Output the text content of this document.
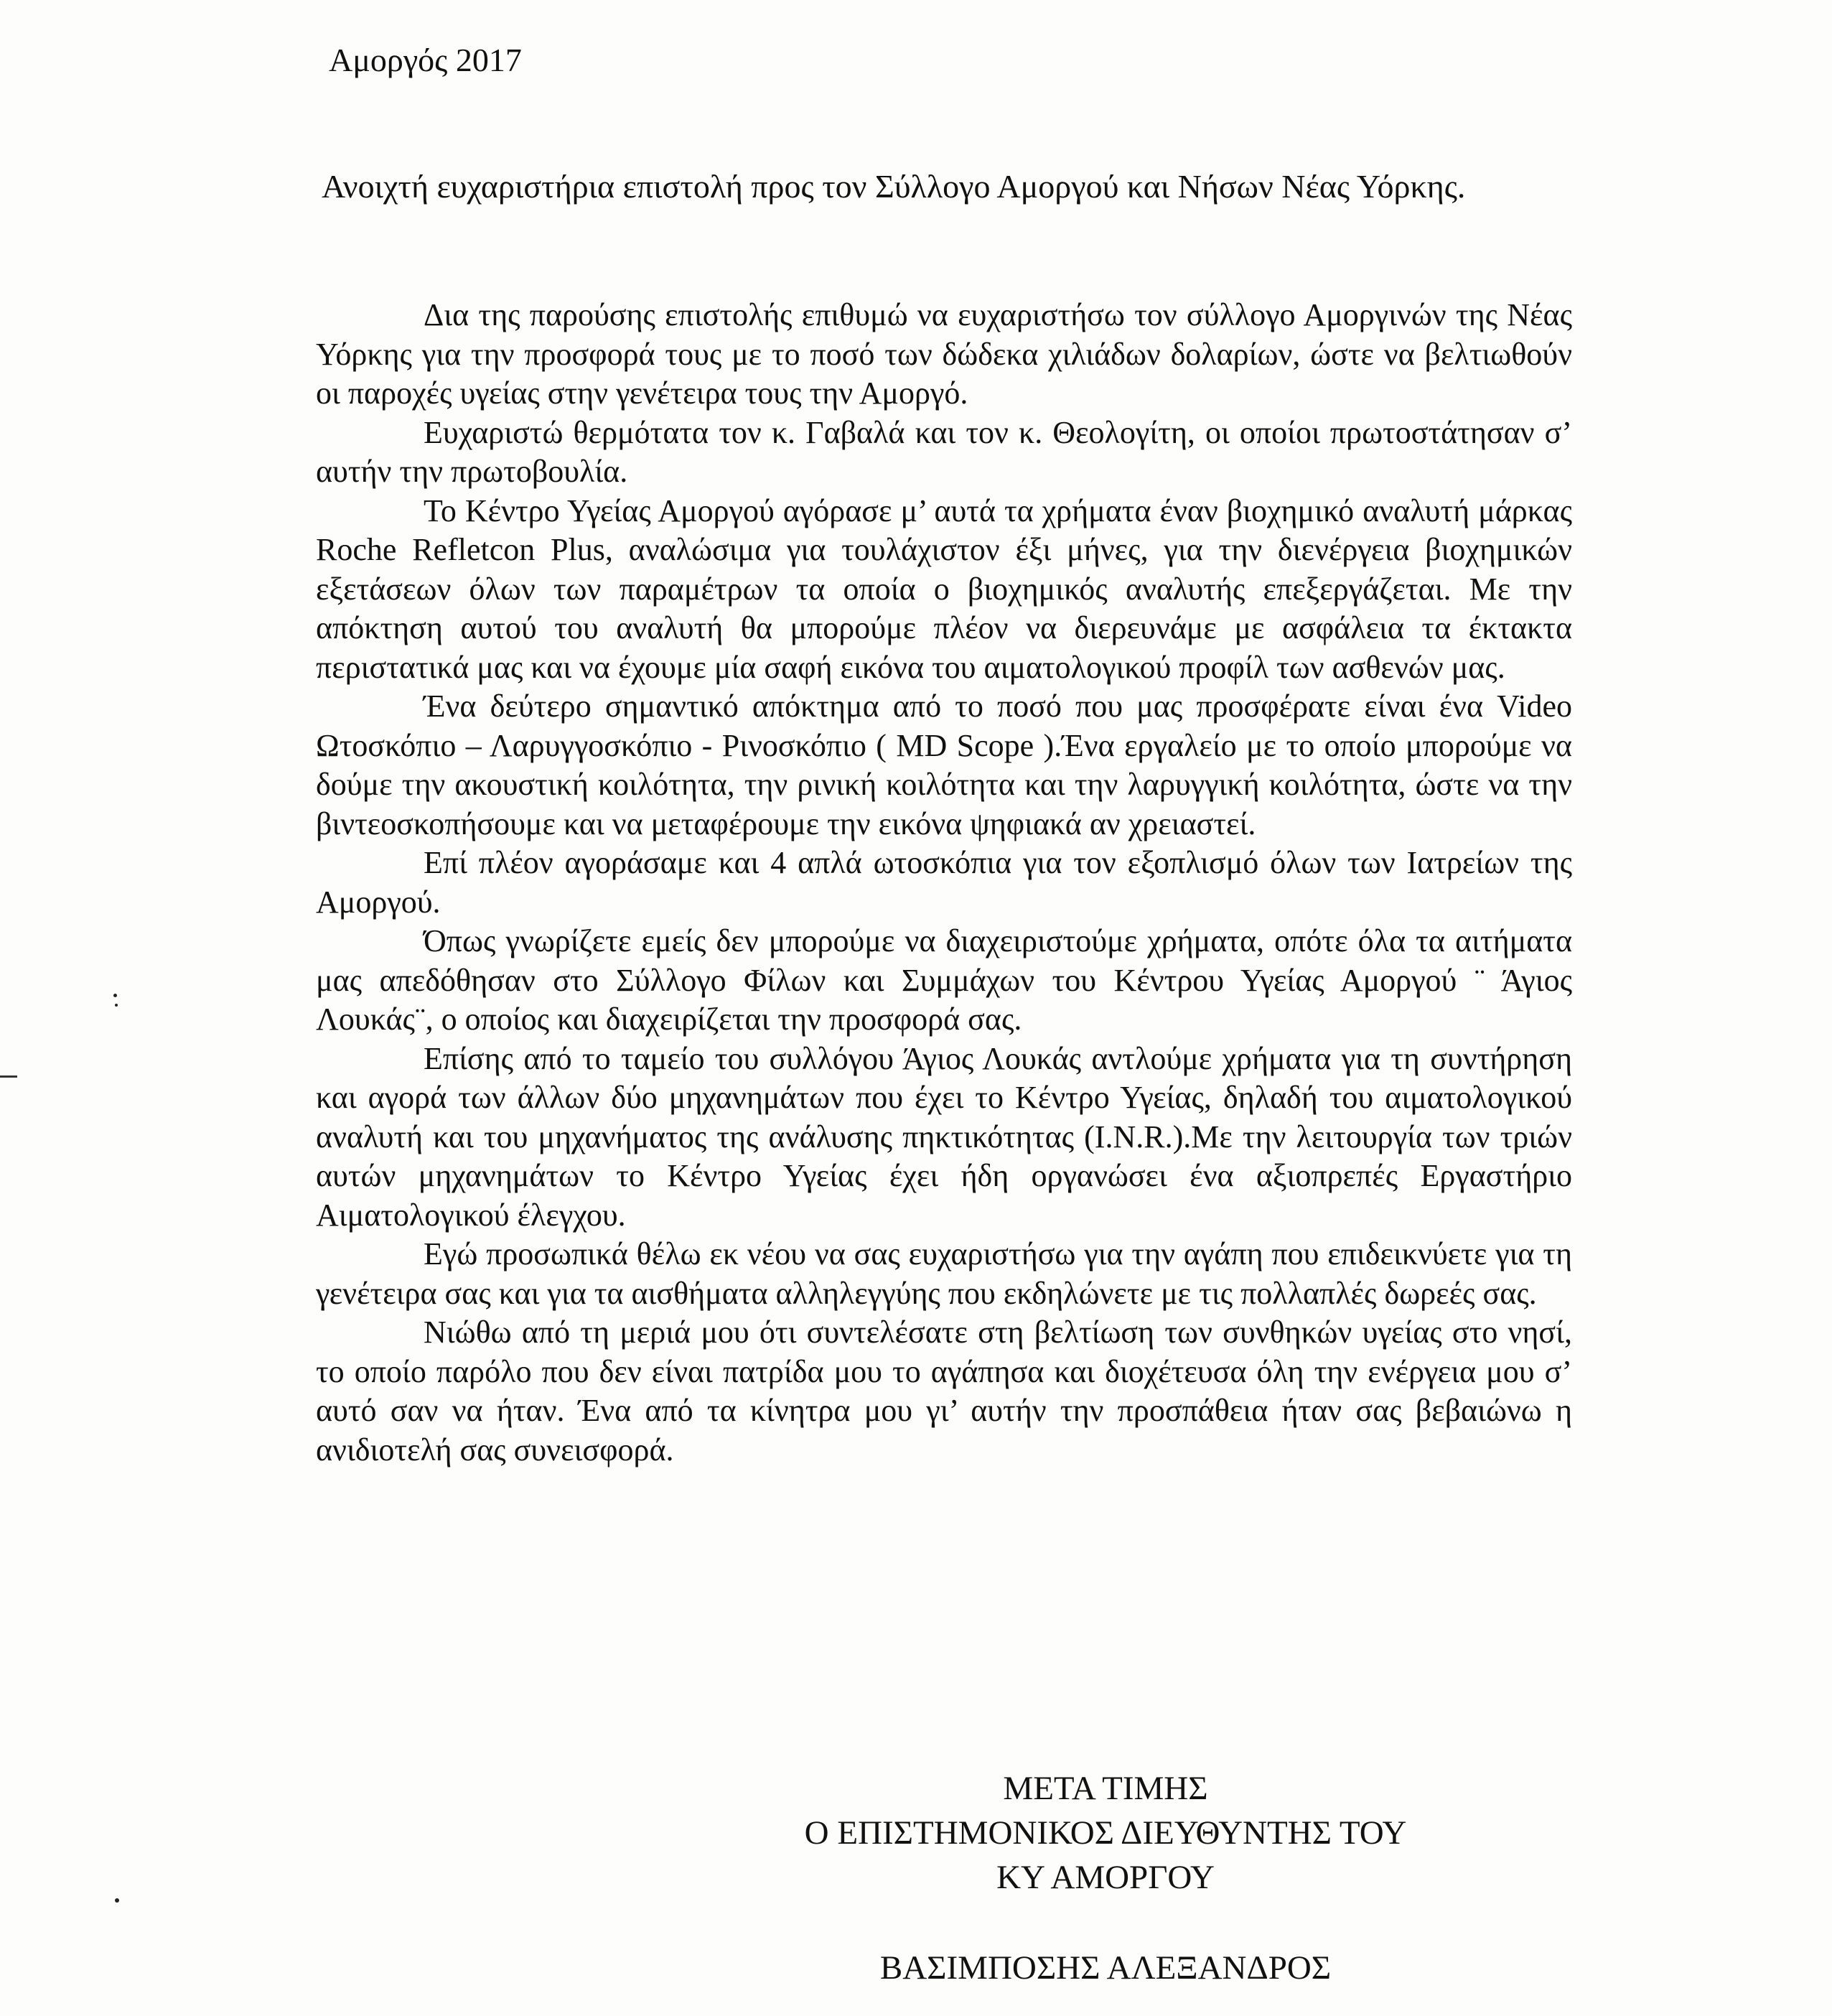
Αμοργός 2017
Ανοιχτή ευχαριστήρια επιστολή προς τον Σύλλογο Αμοργού και Νήσων Νέας Υόρκης.

Δια της παρούσης επιστολής επιθυμώ να ευχαριστήσω τον σύλλογο Αμοργινών της Νέας Υόρκης για την προσφορά τους με το ποσό των δώδεκα χιλιάδων δολαρίων, ώστε να βελτιωθούν οι παροχές υγείας στην γενέτειρα τους την Αμοργό.

Ευχαριστώ θερμότατα τον κ. Γαβαλά και τον κ. Θεολογίτη, οι οποίοι πρωτοστάτησαν σ’ αυτήν την πρωτοβουλία.

Το Κέντρο Υγείας Αμοργού αγόρασε μ’ αυτά τα χρήματα έναν βιοχημικό αναλυτή μάρκας Roche Refletcon Plus, αναλώσιμα για τουλάχιστον έξι μήνες, για την διενέργεια βιοχημικών εξετάσεων όλων των παραμέτρων τα οποία ο βιοχημικός αναλυτής επεξεργάζεται. Με την απόκτηση αυτού του αναλυτή θα μπορούμε πλέον να διερευνάμε με ασφάλεια τα έκτακτα περιστατικά μας και να έχουμε μία σαφή εικόνα του αιματολογικού προφίλ των ασθενών μας.

Ένα δεύτερο σημαντικό απόκτημα από το ποσό που μας προσφέρατε είναι ένα Video Ωτοσκόπιο – Λαρυγγοσκόπιο - Ρινοσκόπιο ( MD Scope ).Ένα εργαλείο με το οποίο μπορούμε να δούμε την ακουστική κοιλότητα, την ρινική κοιλότητα και την λαρυγγική κοιλότητα, ώστε να την βιντεοσκοπήσουμε και να μεταφέρουμε την εικόνα ψηφιακά αν χρειαστεί.

Επί πλέον αγοράσαμε και 4 απλά ωτοσκόπια για τον εξοπλισμό όλων των Ιατρείων της Αμοργού.

Όπως γνωρίζετε εμείς δεν μπορούμε να διαχειριστούμε χρήματα, οπότε όλα τα αιτήματα μας απεδόθησαν στο Σύλλογο Φίλων και Συμμάχων του Κέντρου Υγείας Αμοργού ¨ Άγιος Λουκάς¨, ο οποίος και διαχειρίζεται την προσφορά σας.

Επίσης από το ταμείο του συλλόγου Άγιος Λουκάς αντλούμε χρήματα για τη συντήρηση και αγορά των άλλων δύο μηχανημάτων που έχει το Κέντρο Υγείας, δηλαδή του αιματολογικού αναλυτή και του μηχανήματος της ανάλυσης πηκτικότητας (I.N.R.).Με την λειτουργία των τριών αυτών μηχανημάτων το Κέντρο Υγείας έχει ήδη οργανώσει ένα αξιοπρεπές Εργαστήριο Αιματολογικού έλεγχου.

Εγώ προσωπικά θέλω εκ νέου να σας ευχαριστήσω για την αγάπη που επιδεικνύετε για τη γενέτειρα σας και για τα αισθήματα αλληλεγγύης που εκδηλώνετε με τις πολλαπλές δωρεές σας.

Νιώθω από τη μεριά μου ότι συντελέσατε στη βελτίωση των συνθηκών υγείας στο νησί, το οποίο παρόλο που δεν είναι πατρίδα μου το αγάπησα και διοχέτευσα όλη την ενέργεια μου σ’ αυτό σαν να ήταν. Ένα από τα κίνητρα μου γι’ αυτήν την προσπάθεια ήταν σας βεβαιώνω η ανιδιοτελή σας συνεισφορά.

ΜΕΤΑ ΤΙΜΗΣ
Ο ΕΠΙΣΤΗΜΟΝΙΚΟΣ ΔΙΕΥΘΥΝΤΗΣ ΤΟΥ
ΚΥ ΑΜΟΡΓΟΥ
ΒΑΣΙΜΠΟΣΗΣ ΑΛΕΞΑΝΔΡΟΣ
